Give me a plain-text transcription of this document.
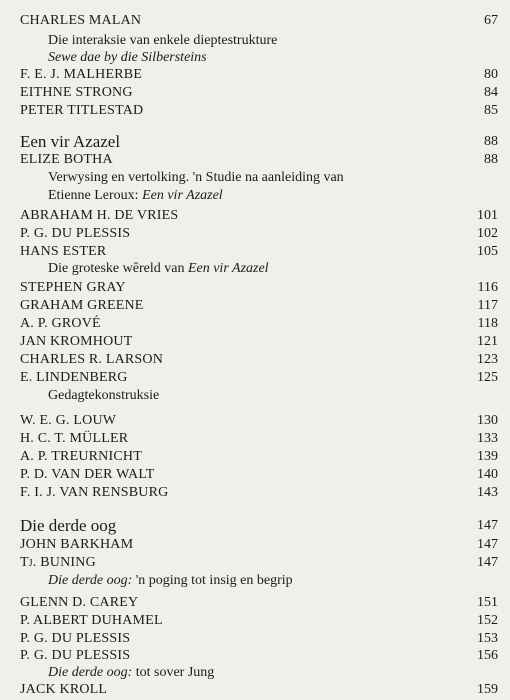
CHARLES MALAN	67
Die interaksie van enkele dieptestrukture
Sewe dae by die Silbersteins
F. E. J. MALHERBE	80
EITHNE STRONG	84
PETER TITLESTAD	85
Een vir Azazel	88
ELIZE BOTHA	88
Verwysing en vertolking. 'n Studie na aanleiding van
Etienne Leroux: Een vir Azazel
ABRAHAM H. DE VRIES	101
P. G. DU PLESSIS	102
HANS ESTER	105
Die groteske wêreld van Een vir Azazel
STEPHEN GRAY	116
GRAHAM GREENE	117
A. P. GROVÉ	118
JAN KROMHOUT	121
CHARLES R. LARSON	123
E. LINDENBERG	125
Gedagtekonstruksie
W. E. G. LOUW	130
H. C. T. MÜLLER	133
A. P. TREURNICHT	139
P. D. VAN DER WALT	140
F. I. J. VAN RENSBURG	143
Die derde oog	147
JOHN BARKHAM	147
Tj. BUNING	147
Die derde oog: 'n poging tot insig en begrip
GLENN D. CAREY	151
P. ALBERT DUHAMEL	152
P. G. DU PLESSIS	153
P. G. DU PLESSIS	156
Die derde oog: tot sover Jung
JACK KROLL	159
